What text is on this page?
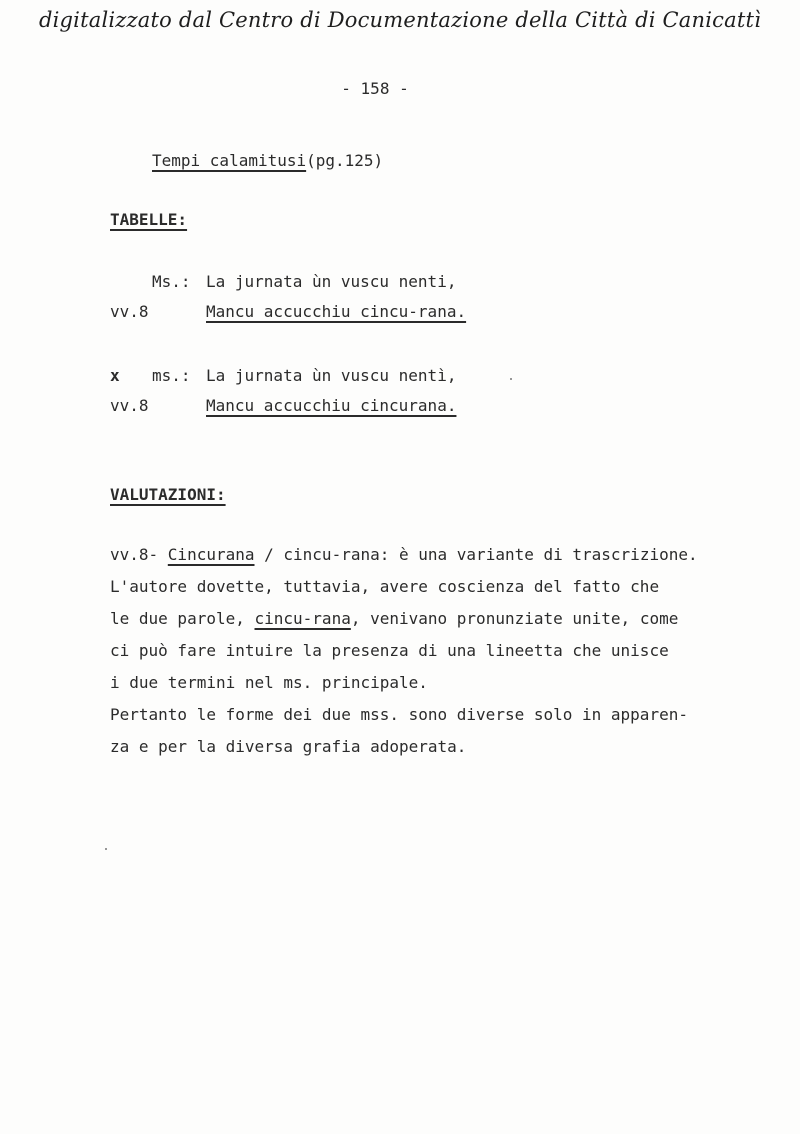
digitalizzato dal Centro di Documentazione della Città di Canicattì
- 158 -
Tempi calamitusi(pg.125)
TABELLE:
Ms.: La jurnata ùn vuscu nenti,
vv.8	Mancu accucchiu cincu-rana.
x ms.: La jurnata ùn vuscu nentì,
vv.8	Mancu accucchiu cincurana.
VALUTAZIONI:
vv.8- Cincurana / cincu-rana: è una variante di trascrizione.
L'autore dovette, tuttavia, avere coscienza del fatto che
le due parole, cincu-rana, venivano pronunziate unite, come
ci può fare intuire la presenza di una lineetta che unisce
i due termini nel ms. principale.
Pertanto le forme dei due mss. sono diverse solo in apparen-
za e per la diversa grafia adoperata.
